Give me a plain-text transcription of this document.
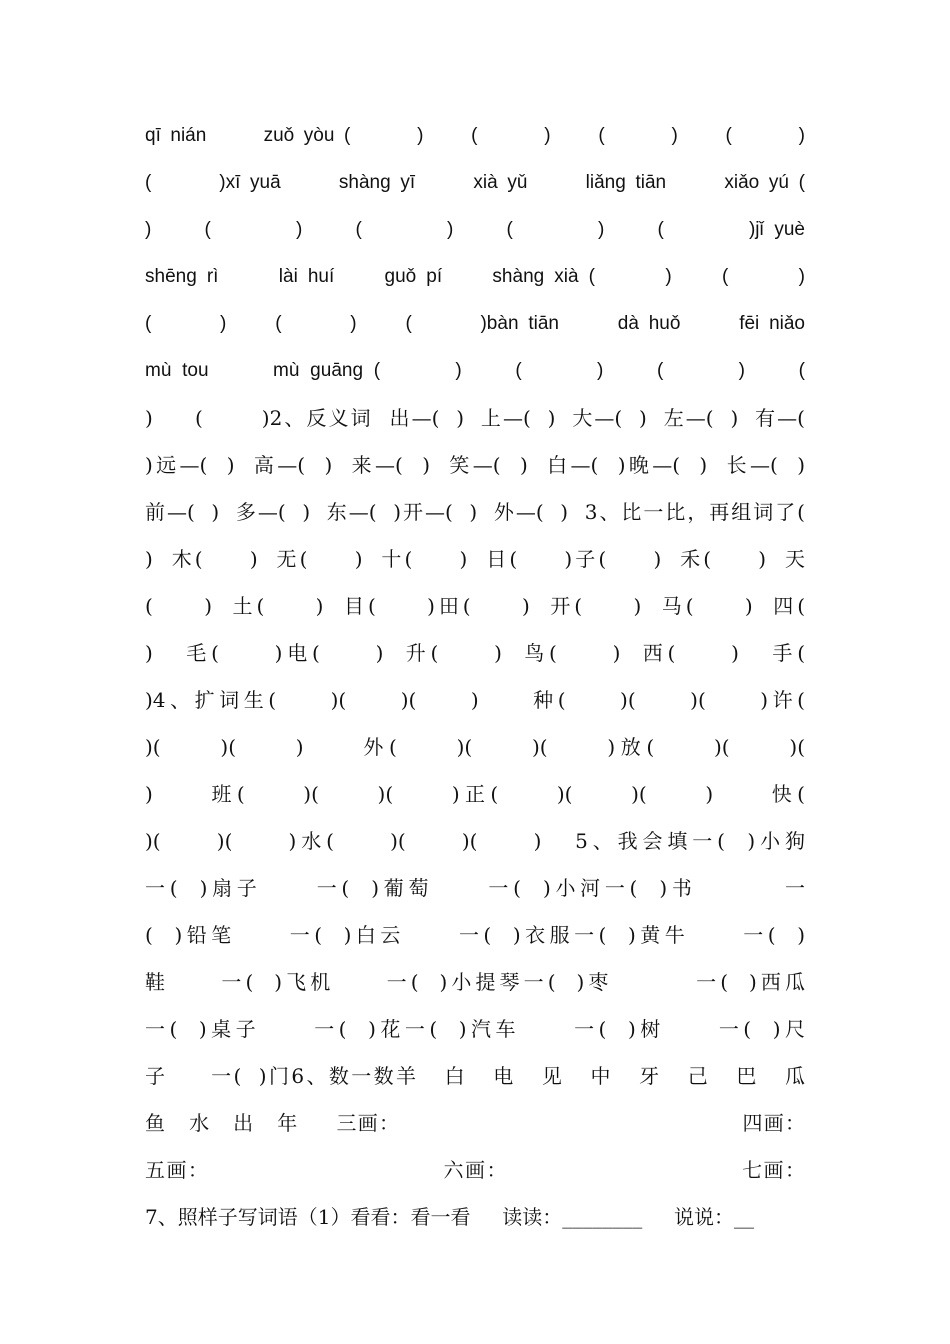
qī nián      zuǒ yòu (       )     (       )     (       )     (       )
(       )xī yuā      shàng yī      xià yǔ      liǎng tiān      xiǎo yú (
)     (        )     (        )     (        )     (        )jǐ yuè
shēng rì      lài huí     guǒ pí     shàng xià (       )     (       )
(       )     (       )     (       )bàn tiān      dà huǒ      fēi niǎo
mù tou      mù guāng (       )     (       )     (       )     (
)     (       )2、反义词  出—(  )  上—(  )  大—(  )  左—(  )  有—(
)远—(  )  高—(  )  来—(  )  笑—(  )  白—(  )晚—(  )  长—(  )
前—(  )  多—(  )  东—(  )开—(  )  外—(  )  3、比一比，再组词了(
)  木(     )  无(     )  十(     )  日(     )子(     )  禾(     )  天
(     )  土(     )  目(     )田(     )  开(     )  马(     )  四(
)   毛(     )电(     )  升(     )  鸟(     )  西(     )   手(
)4、扩词生(     )(     )(     )     种(     )(     )(     )许(
)(     )(     )     外(     )(     )(     )放(     )(     )(
)     班(     )(     )(     )正(     )(     )(     )     快(
)(     )(     )水(     )(     )(     )   5、我会填一(  )小狗
一(  )扇子     一(  )葡萄     一(  )小河一(  )书        一
(  )铅笔     一(  )白云     一(  )衣服一(  )黄牛     一(  )
鞋     一(  )飞机     一(  )小提琴一(  )枣        一(  )西瓜
一(  )桌子     一(  )花一(  )汽车     一(  )树     一(  )尺
子     一(  )门6、数一数羊   白   电   见   中   牙   己   巴   瓜
鱼   水   出   年     三画：                                             四画：
五画：                              六画：                              七画：
7、照样子写词语（1）看看：看一看     读读：________     说说：__
